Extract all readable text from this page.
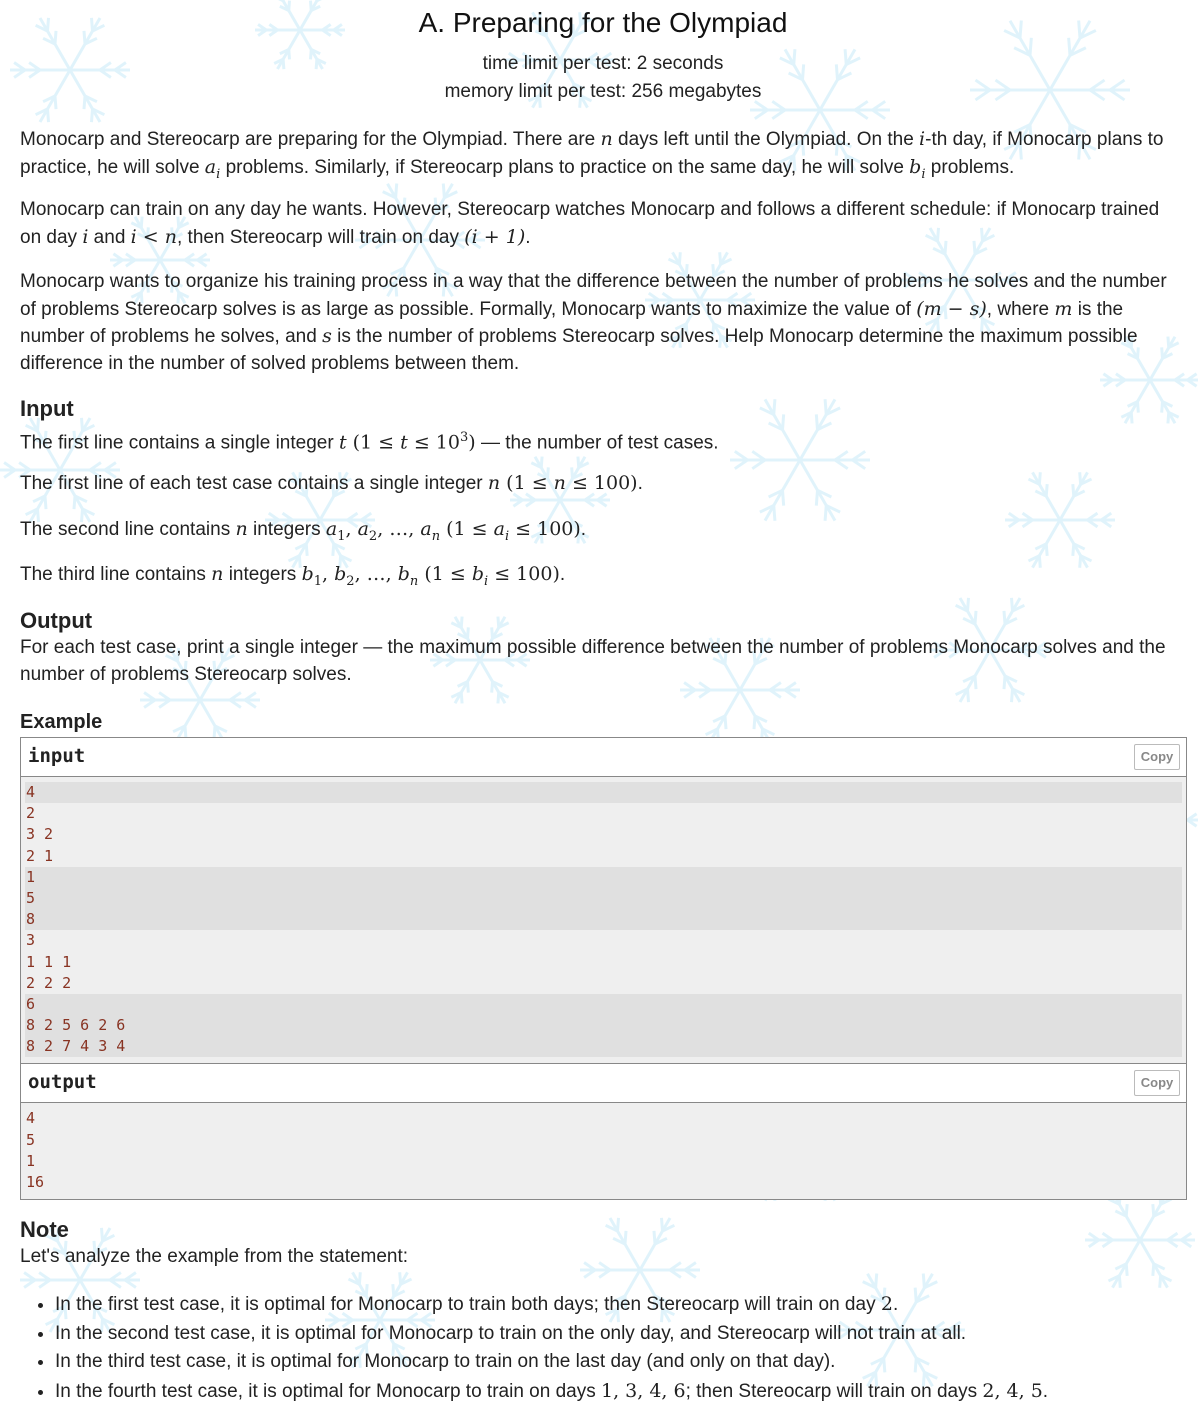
A. Preparing for the Olympiad
time limit per test: 2 seconds
memory limit per test: 256 megabytes
Monocarp and Stereocarp are preparing for the Olympiad. There are n days left until the Olympiad. On the i-th day, if Monocarp plans to practice, he will solve $a_i$ problems. Similarly, if Stereocarp plans to practice on the same day, he will solve $b_i$ problems.
Monocarp can train on any day he wants. However, Stereocarp watches Monocarp and follows a different schedule: if Monocarp trained on day i and i < n, then Stereocarp will train on day (i + 1).
Monocarp wants to organize his training process in a way that the difference between the number of problems he solves and the number of problems Stereocarp solves is as large as possible. Formally, Monocarp wants to maximize the value of (m − s), where m is the number of problems he solves, and s is the number of problems Stereocarp solves. Help Monocarp determine the maximum possible difference in the number of solved problems between them.
Input
The first line contains a single integer t $(1 \le t \le 10^3)$ — the number of test cases.
The first line of each test case contains a single integer n (1 ≤ n ≤ 100).
The second line contains n integers $a_1$, $a_2$, …, $a_n$ $(1 \le a_i \le 100)$.
The third line contains n integers $b_1$, $b_2$, …, $b_n$ $(1 \le b_i \le 100)$.
Output
For each test case, print a single integer — the maximum possible difference between the number of problems Monocarp solves and the number of problems Stereocarp solves.
Example
input	Copy
4
2
3 2
2 1
1
5
8
3
1 1 1
2 2 2
6
8 2 5 6 2 6
8 2 7 4 3 4
output	Copy
4
5
1
16
Note
Let's analyze the example from the statement:
• In the first test case, it is optimal for Monocarp to train both days; then Stereocarp will train on day 2.
• In the second test case, it is optimal for Monocarp to train on the only day, and Stereocarp will not train at all.
• In the third test case, it is optimal for Monocarp to train on the last day (and only on that day).
• In the fourth test case, it is optimal for Monocarp to train on days 1, 3, 4, 6; then Stereocarp will train on days 2, 4, 5.
